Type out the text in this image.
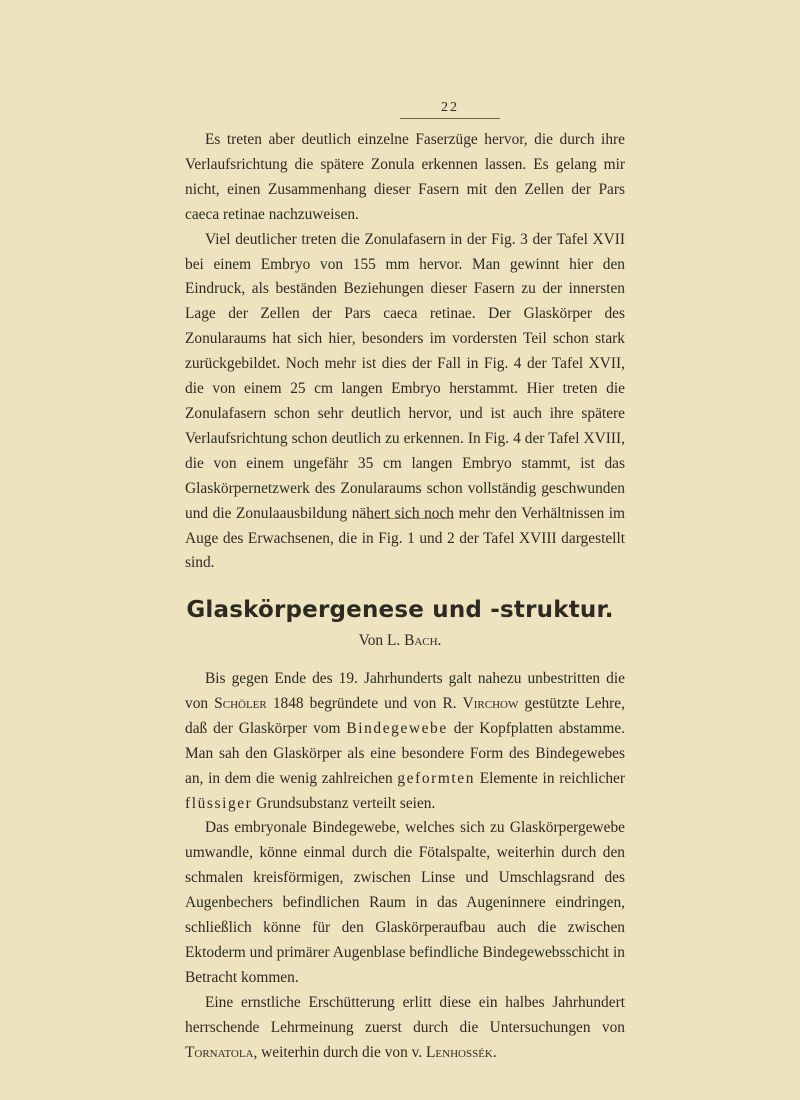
22

Es treten aber deutlich einzelne Faserzüge hervor, die durch ihre Verlaufsrichtung die spätere Zonula erkennen lassen. Es gelang mir nicht, einen Zusammenhang dieser Fasern mit den Zellen der Pars caeca retinae nachzuweisen.

Viel deutlicher treten die Zonulafasern in der Fig. 3 der Tafel XVII bei einem Embryo von 155 mm hervor. Man gewinnt hier den Eindruck, als beständen Beziehungen dieser Fasern zu der innersten Lage der Zellen der Pars caeca retinae. Der Glaskörper des Zonularaums hat sich hier, besonders im vordersten Teil schon stark zurückgebildet. Noch mehr ist dies der Fall in Fig. 4 der Tafel XVII, die von einem 25 cm langen Embryo herstammt. Hier treten die Zonulafasern schon sehr deutlich hervor, und ist auch ihre spätere Verlaufsrichtung schon deutlich zu erkennen. In Fig. 4 der Tafel XVIII, die von einem ungefähr 35 cm langen Embryo stammt, ist das Glaskörpernetzwerk des Zonularaums schon vollständig geschwunden und die Zonulaausbildung nähert sich noch mehr den Verhältnissen im Auge des Erwachsenen, die in Fig. 1 und 2 der Tafel XVIII dargestellt sind.

Glaskörpergenese und -struktur.
Von L. Bach.

Bis gegen Ende des 19. Jahrhunderts galt nahezu unbestritten die von Schöler 1848 begründete und von R. Virchow gestützte Lehre, daß der Glaskörper vom Bindegewebe der Kopfplatten abstamme. Man sah den Glaskörper als eine besondere Form des Bindegewebes an, in dem die wenig zahlreichen geformten Elemente in reichlicher flüssiger Grundsubstanz verteilt seien.

Das embryonale Bindegewebe, welches sich zu Glaskörpergewebe umwandle, könne einmal durch die Fötalspalte, weiterhin durch den schmalen kreisförmigen, zwischen Linse und Umschlagsrand des Augenbechers befindlichen Raum in das Augeninnere eindringen, schließlich könne für den Glaskörperaufbau auch die zwischen Ektoderm und primärer Augenblase befindliche Bindegewebsschicht in Betracht kommen.

Eine ernstliche Erschütterung erlitt diese ein halbes Jahrhundert herrschende Lehrmeinung zuerst durch die Untersuchungen von Tornatola, weiterhin durch die von v. Lenhossék.
